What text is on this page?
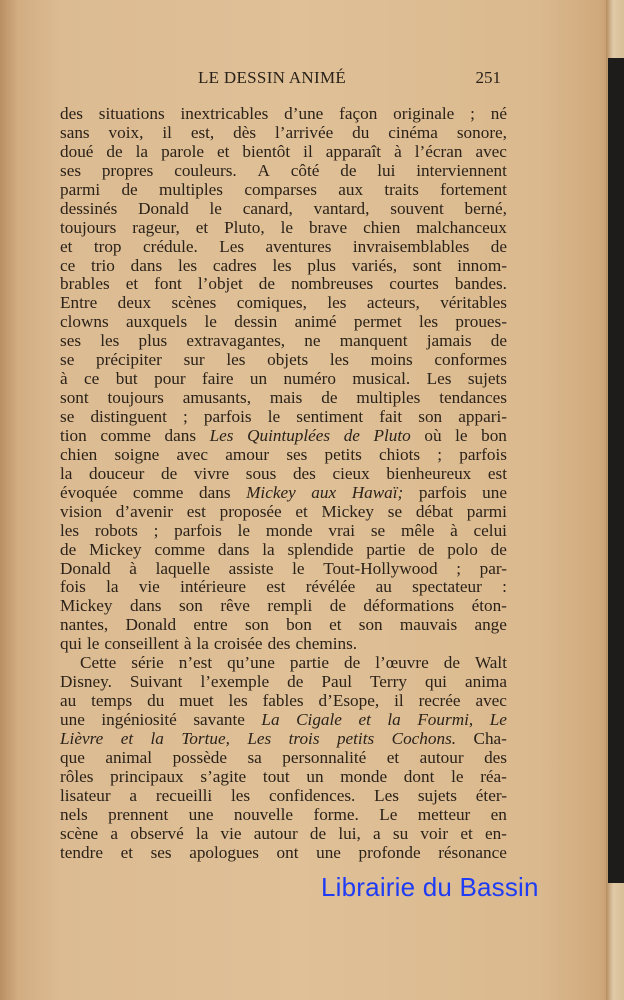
LE DESSIN ANIMÉ	251
des situations inextricables d’une façon originale ; né
sans voix, il est, dès l’arrivée du cinéma sonore,
doué de la parole et bientôt il apparaît à l’écran avec
ses propres couleurs. A côté de lui interviennent
parmi de multiples comparses aux traits fortement
dessinés Donald le canard, vantard, souvent berné,
toujours rageur, et Pluto, le brave chien malchanceux
et trop crédule. Les aventures invraisemblables de
ce trio dans les cadres les plus variés, sont innom-
brables et font l’objet de nombreuses courtes bandes.
Entre deux scènes comiques, les acteurs, véritables
clowns auxquels le dessin animé permet les proues-
ses les plus extravagantes, ne manquent jamais de
se précipiter sur les objets les moins conformes
à ce but pour faire un numéro musical. Les sujets
sont toujours amusants, mais de multiples tendances
se distinguent ; parfois le sentiment fait son appari-
tion comme dans Les Quintuplées de Pluto où le bon
chien soigne avec amour ses petits chiots ; parfois
la douceur de vivre sous des cieux bienheureux est
évoquée comme dans Mickey aux Hawaï; parfois une
vision d’avenir est proposée et Mickey se débat parmi
les robots ; parfois le monde vrai se mêle à celui
de Mickey comme dans la splendide partie de polo de
Donald à laquelle assiste le Tout-Hollywood ; par-
fois la vie intérieure est révélée au spectateur :
Mickey dans son rêve rempli de déformations éton-
nantes, Donald entre son bon et son mauvais ange
qui le conseillent à la croisée des chemins.
Cette série n’est qu’une partie de l’œuvre de Walt
Disney. Suivant l’exemple de Paul Terry qui anima
au temps du muet les fables d’Esope, il recrée avec
une ingéniosité savante La Cigale et la Fourmi, Le
Lièvre et la Tortue, Les trois petits Cochons. Cha-
que animal possède sa personnalité et autour des
rôles principaux s’agite tout un monde dont le réa-
lisateur a recueilli les confidences. Les sujets éter-
nels prennent une nouvelle forme. Le metteur en
scène a observé la vie autour de lui, a su voir et en-
tendre et ses apologues ont une profonde résonance
Librairie du Bassin
